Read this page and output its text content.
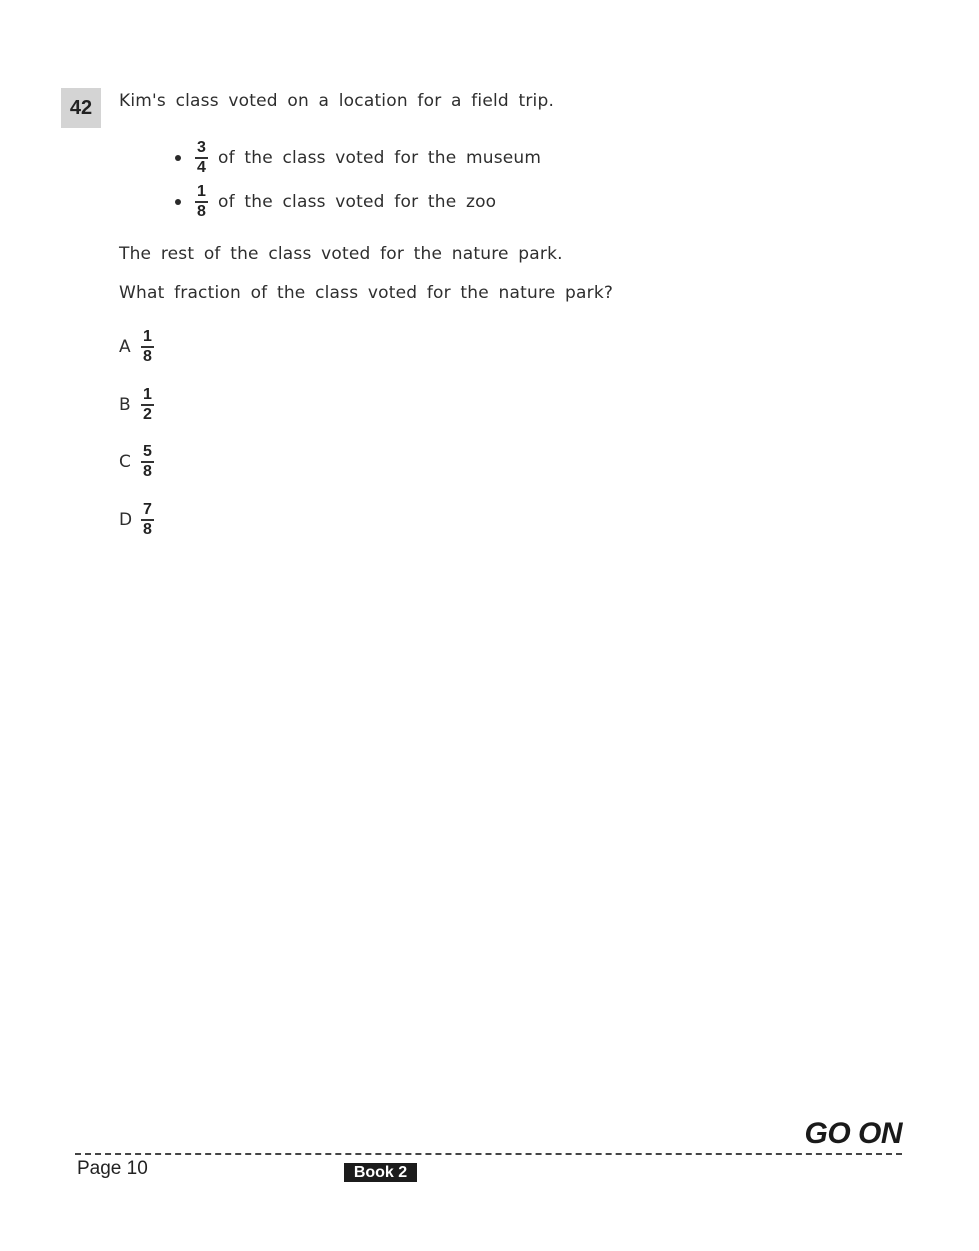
42	Kim's class voted on a location for a field trip.
$\frac{3}{4}$ of the class voted for the museum
$\frac{1}{8}$ of the class voted for the zoo
The rest of the class voted for the nature park.
What fraction of the class voted for the nature park?
A $\frac{1}{8}$
B $\frac{1}{2}$
C $\frac{5}{8}$
D $\frac{7}{8}$
GO ON
Page 10	Book 2
